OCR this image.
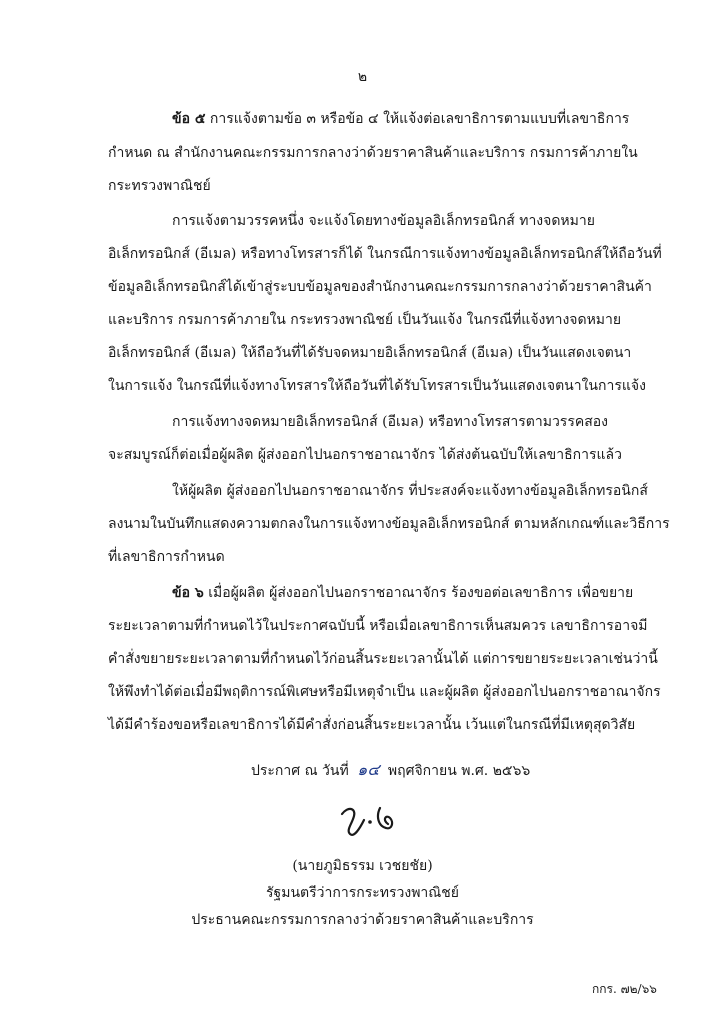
๒
ข้อ ๕ การแจ้งตามข้อ ๓ หรือข้อ ๔ ให้แจ้งต่อเลขาธิการตามแบบที่เลขาธิการ
กำหนด ณ สำนักงานคณะกรรมการกลางว่าด้วยราคาสินค้าและบริการ กรมการค้าภายใน
กระทรวงพาณิชย์
การแจ้งตามวรรคหนึ่ง จะแจ้งโดยทางข้อมูลอิเล็กทรอนิกส์ ทางจดหมาย
อิเล็กทรอนิกส์ (อีเมล) หรือทางโทรสารก็ได้ ในกรณีการแจ้งทางข้อมูลอิเล็กทรอนิกส์ให้ถือวันที่
ข้อมูลอิเล็กทรอนิกส์ได้เข้าสู่ระบบข้อมูลของสำนักงานคณะกรรมการกลางว่าด้วยราคาสินค้า
และบริการ กรมการค้าภายใน กระทรวงพาณิชย์ เป็นวันแจ้ง ในกรณีที่แจ้งทางจดหมาย
อิเล็กทรอนิกส์ (อีเมล) ให้ถือวันที่ได้รับจดหมายอิเล็กทรอนิกส์ (อีเมล) เป็นวันแสดงเจตนา
ในการแจ้ง ในกรณีที่แจ้งทางโทรสารให้ถือวันที่ได้รับโทรสารเป็นวันแสดงเจตนาในการแจ้ง
การแจ้งทางจดหมายอิเล็กทรอนิกส์ (อีเมล) หรือทางโทรสารตามวรรคสอง
จะสมบูรณ์ก็ต่อเมื่อผู้ผลิต ผู้ส่งออกไปนอกราชอาณาจักร ได้ส่งต้นฉบับให้เลขาธิการแล้ว
ให้ผู้ผลิต ผู้ส่งออกไปนอกราชอาณาจักร ที่ประสงค์จะแจ้งทางข้อมูลอิเล็กทรอนิกส์
ลงนามในบันทึกแสดงความตกลงในการแจ้งทางข้อมูลอิเล็กทรอนิกส์ ตามหลักเกณฑ์และวิธีการ
ที่เลขาธิการกำหนด
ข้อ ๖ เมื่อผู้ผลิต ผู้ส่งออกไปนอกราชอาณาจักร ร้องขอต่อเลขาธิการ เพื่อขยาย
ระยะเวลาตามที่กำหนดไว้ในประกาศฉบับนี้ หรือเมื่อเลขาธิการเห็นสมควร เลขาธิการอาจมี
คำสั่งขยายระยะเวลาตามที่กำหนดไว้ก่อนสิ้นระยะเวลานั้นได้ แต่การขยายระยะเวลาเช่นว่านี้
ให้พึงทำได้ต่อเมื่อมีพฤติการณ์พิเศษหรือมีเหตุจำเป็น และผู้ผลิต ผู้ส่งออกไปนอกราชอาณาจักร
ได้มีคำร้องขอหรือเลขาธิการได้มีคำสั่งก่อนสิ้นระยะเวลานั้น เว้นแต่ในกรณีที่มีเหตุสุดวิสัย
ประกาศ ณ วันที่ ๑๔ พฤศจิกายน พ.ศ. ๒๕๖๖
(นายภูมิธรรม เวชยชัย)
รัฐมนตรีว่าการกระทรวงพาณิชย์
ประธานคณะกรรมการกลางว่าด้วยราคาสินค้าและบริการ
กกร. ๗๒/๖๖
